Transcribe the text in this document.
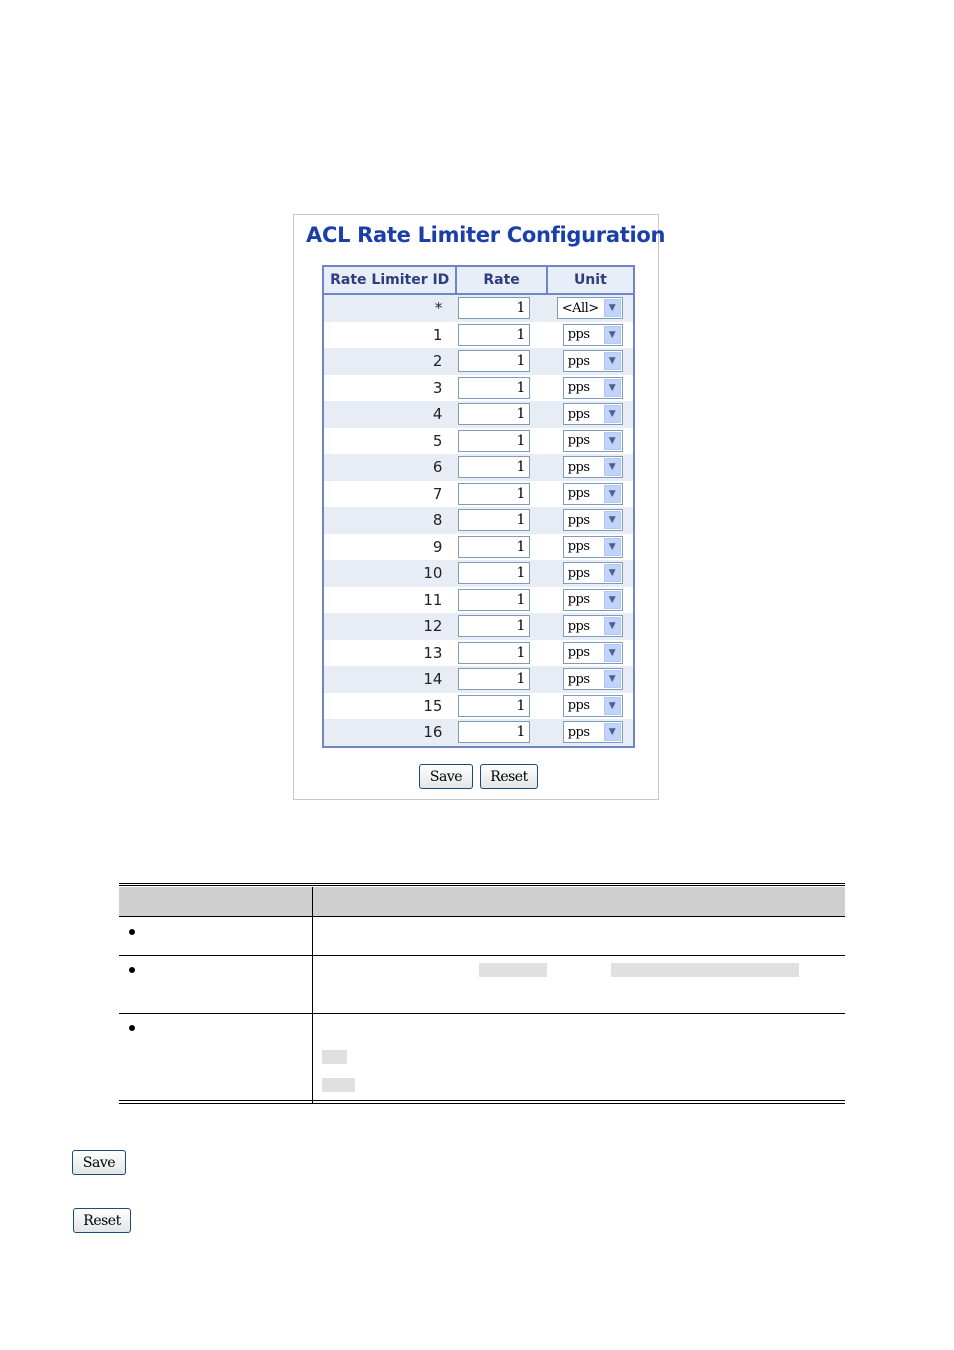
ACL Rate Limiter Configuration
Rate Limiter ID	Rate	Unit
*	1	<All> ▼

1	1	pps ▼

2	1	pps ▼

3	1	pps ▼

4	1	pps ▼

5	1	pps ▼

6	1	pps ▼

7	1	pps ▼

8	1	pps ▼

9	1	pps ▼

10	1	pps ▼

11	1	pps ▼

12	1	pps ▼

13	1	pps ▼

14	1	pps ▼

15	1	pps ▼

16	1	pps ▼
Save	Reset
Save
Reset
